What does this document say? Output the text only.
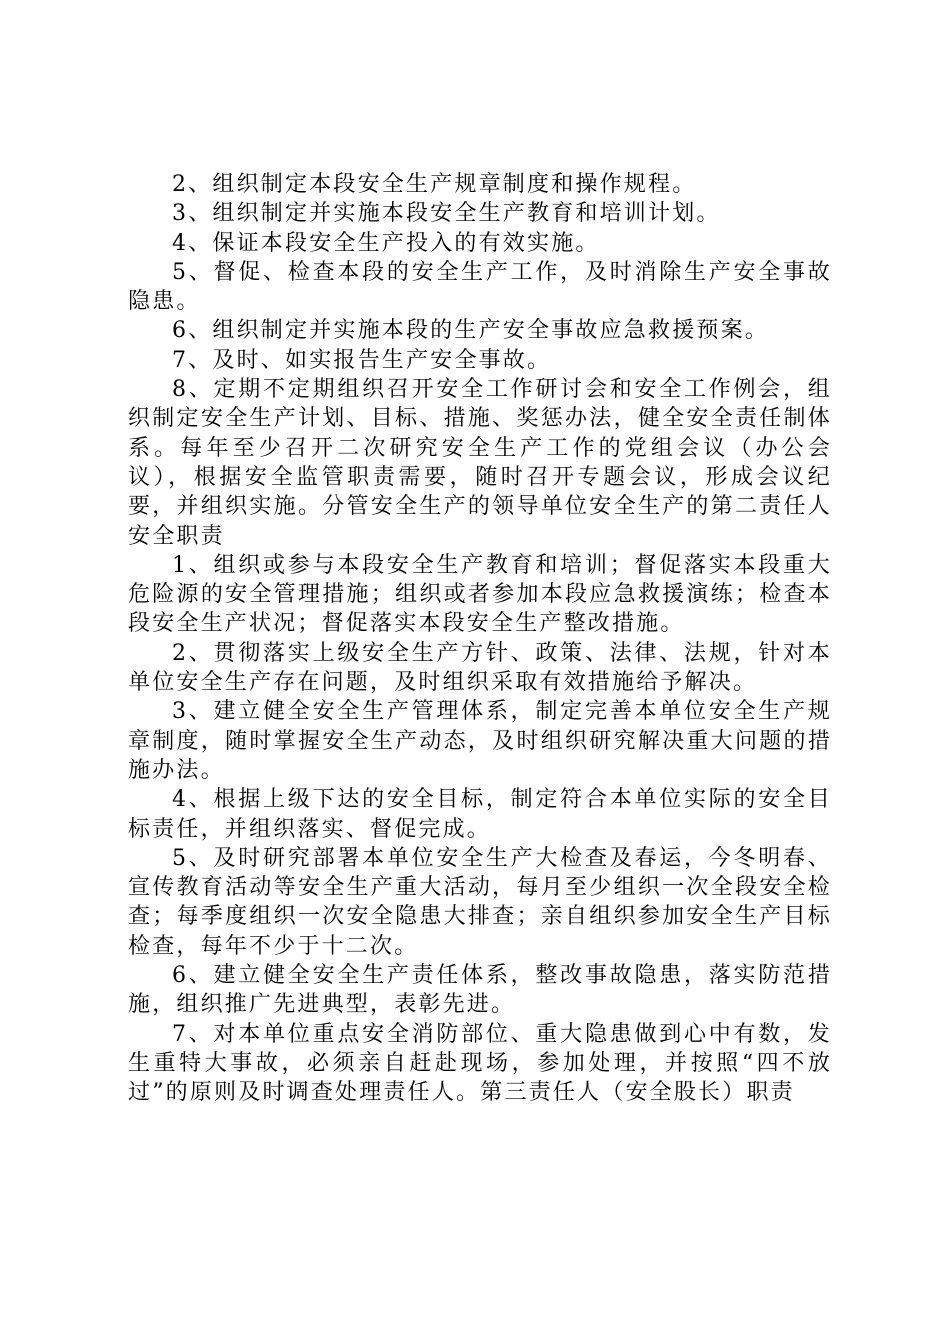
2、组织制定本段安全生产规章制度和操作规程。

3、组织制定并实施本段安全生产教育和培训计划。

4、保证本段安全生产投入的有效实施。

5、督促、检查本段的安全生产工作，及时消除生产安全事故隐患。

6、组织制定并实施本段的生产安全事故应急救援预案。

7、及时、如实报告生产安全事故。

8、定期不定期组织召开安全工作研讨会和安全工作例会，组织制定安全生产计划、目标、措施、奖惩办法，健全安全责任制体系。每年至少召开二次研究安全生产工作的党组会议（办公会议），根据安全监管职责需要，随时召开专题会议，形成会议纪要，并组织实施。分管安全生产的领导单位安全生产的第二责任人安全职责

1、组织或参与本段安全生产教育和培训；督促落实本段重大危险源的安全管理措施；组织或者参加本段应急救援演练；检查本段安全生产状况；督促落实本段安全生产整改措施。

2、贯彻落实上级安全生产方针、政策、法律、法规，针对本单位安全生产存在问题，及时组织采取有效措施给予解决。

3、建立健全安全生产管理体系，制定完善本单位安全生产规章制度，随时掌握安全生产动态，及时组织研究解决重大问题的措施办法。

4、根据上级下达的安全目标，制定符合本单位实际的安全目标责任，并组织落实、督促完成。

5、及时研究部署本单位安全生产大检查及春运，今冬明春、宣传教育活动等安全生产重大活动，每月至少组织一次全段安全检查；每季度组织一次安全隐患大排查；亲自组织参加安全生产目标检查，每年不少于十二次。

6、建立健全安全生产责任体系，整改事故隐患，落实防范措施，组织推广先进典型，表彰先进。

7、对本单位重点安全消防部位、重大隐患做到心中有数，发生重特大事故，必须亲自赶赴现场，参加处理，并按照“四不放过”的原则及时调查处理责任人。第三责任人（安全股长）职责
